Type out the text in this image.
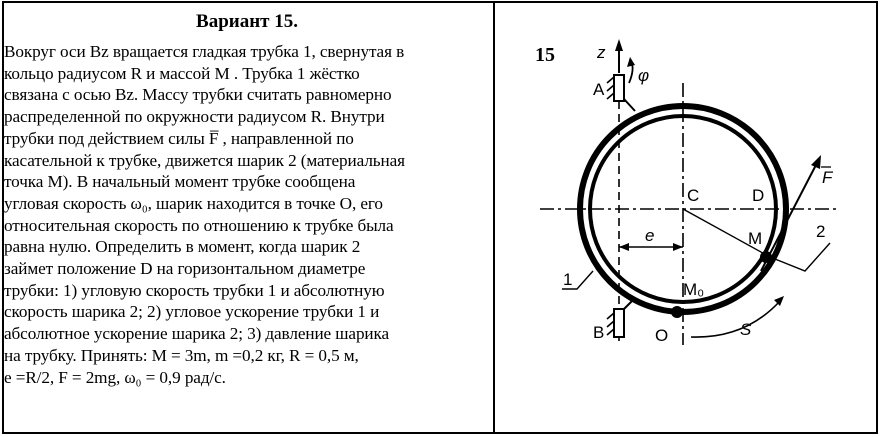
Вариант 15.

Вокруг оси Bz вращается гладкая трубка 1, свернутая в
кольцо радиусом R и массой M . Трубка 1 жёстко
связана с осью Bz. Массу трубки считать равномерно
распределенной по окружности радиусом R. Внутри
трубки под действием силы F̅ , направленной по
касательной к трубке, движется шарик 2 (материальная
точка M). В начальный момент трубке сообщена
угловая скорость ω₀, шарик находится в точке O, его
относительная скорость по отношению к трубке была
равна нулю. Определить в момент, когда шарик 2
займет положение D на горизонтальном диаметре
трубки: 1) угловую скорость трубки 1 и абсолютную
скорость шарика 2; 2) угловое ускорение трубки 1 и
абсолютное ускорение шарика 2; 3) давление шарика
на трубку. Принять: M = 3m, m =0,2 кг, R = 0,5 м,
e =R/2, F = 2mg, ω₀ = 0,9 рад/с.

15 z
A
φ
B
C	D
e	M
F
2
M₀
O	S
1
